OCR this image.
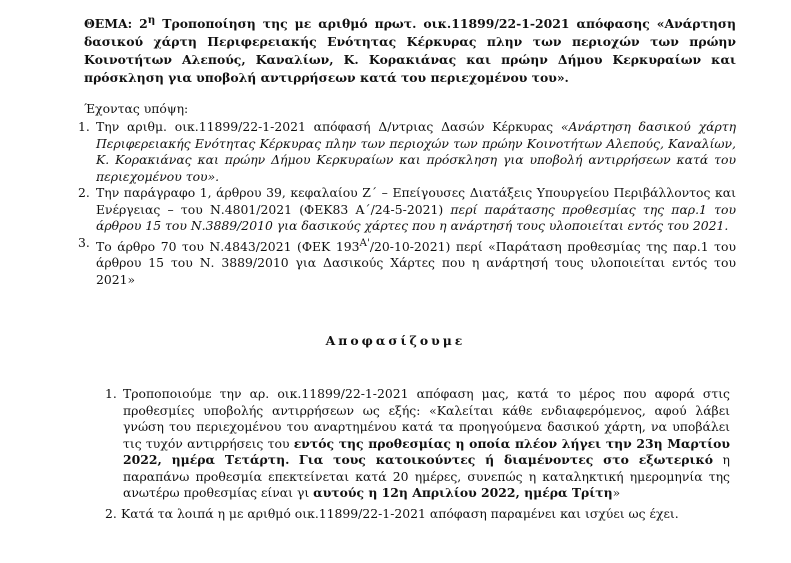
ΘΕΜΑ: $2^\eta$ Τροποποίηση της με αριθμό πρωτ. οικ.11899/22-1-2021 απόφασης «Ανάρτηση δασικού χάρτη Περιφερειακής Ενότητας Κέρκυρας πλην των περιοχών των πρώην Κοινοτήτων Αλεπούς, Καναλίων, Κ. Κορακιάνας και πρώην Δήμου Κερκυραίων και πρόσκληση για υποβολή αντιρρήσεων κατά του περιεχομένου του».

Έχοντας υπόψη:

1. Την αριθμ. οικ.11899/22-1-2021 απόφασή Δ/ντριας Δασών Κέρκυρας «Ανάρτηση δασικού χάρτη Περιφερειακής Ενότητας Κέρκυρας πλην των περιοχών των πρώην Κοινοτήτων Αλεπούς, Καναλίων, Κ. Κορακιάνας και πρώην Δήμου Κερκυραίων και πρόσκληση για υποβολή αντιρρήσεων κατά του περιεχομένου του».
2. Την παράγραφο 1, άρθρου 39, κεφαλαίου Ζ΄ – Επείγουσες Διατάξεις Υπουργείου Περιβάλλοντος και Ενέργειας – του Ν.4801/2021 (ΦΕΚ83 Α΄/24-5-2021) περί παράτασης προθεσμίας της παρ.1 του άρθρου 15 του Ν.3889/2010 για δασικούς χάρτες που η ανάρτησή τους υλοποιείται εντός του 2021.
3. Το άρθρο 70 του Ν.4843/2021 (ΦΕΚ $193^{A'}/20-10-2021$) περί «Παράταση προθεσμίας της παρ.1 του άρθρου 15 του Ν. 3889/2010 για Δασικούς Χάρτες που η ανάρτησή τους υλοποιείται εντός του 2021»

Αποφασίζουμε

1. Τροποποιούμε την αρ. οικ.11899/22-1-2021 απόφαση μας, κατά το μέρος που αφορά στις προθεσμίες υποβολής αντιρρήσεων ως εξής: «Καλείται κάθε ενδιαφερόμενος, αφού λάβει γνώση του περιεχομένου του αναρτημένου κατά τα προηγούμενα δασικού χάρτη, να υποβάλει τις τυχόν αντιρρήσεις του εντός της προθεσμίας η οποία πλέον λήγει την 23η Μαρτίου 2022, ημέρα Τετάρτη. Για τους κατοικούντες ή διαμένοντες στο εξωτερικό η παραπάνω προθεσμία επεκτείνεται κατά 20 ημέρες, συνεπώς η καταληκτική ημερομηνία της ανωτέρω προθεσμίας είναι γι αυτούς η 12η Απριλίου 2022, ημέρα Τρίτη»
2. Κατά τα λοιπά η με αριθμό οικ.11899/22-1-2021 απόφαση παραμένει και ισχύει ως έχει.
